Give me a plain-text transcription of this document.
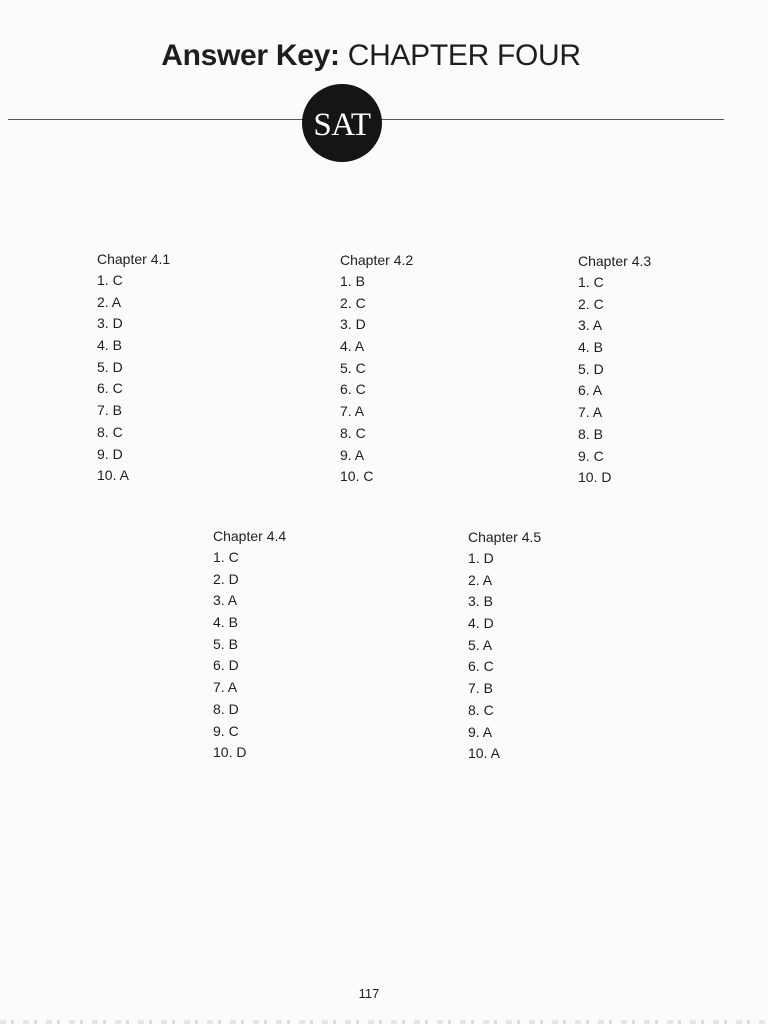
Answer Key: CHAPTER FOUR
SAT
Chapter 4.1
1. C
2. A
3. D
4. B
5. D
6. C
7. B
8. C
9. D
10. A
Chapter 4.2
1. B
2. C
3. D
4. A
5. C
6. C
7. A
8. C
9. A
10. C
Chapter 4.3
1. C
2. C
3. A
4. B
5. D
6. A
7. A
8. B
9. C
10. D
Chapter 4.4
1. C
2. D
3. A
4. B
5. B
6. D
7. A
8. D
9. C
10. D
Chapter 4.5
1. D
2. A
3. B
4. D
5. A
6. C
7. B
8. C
9. A
10. A
117
